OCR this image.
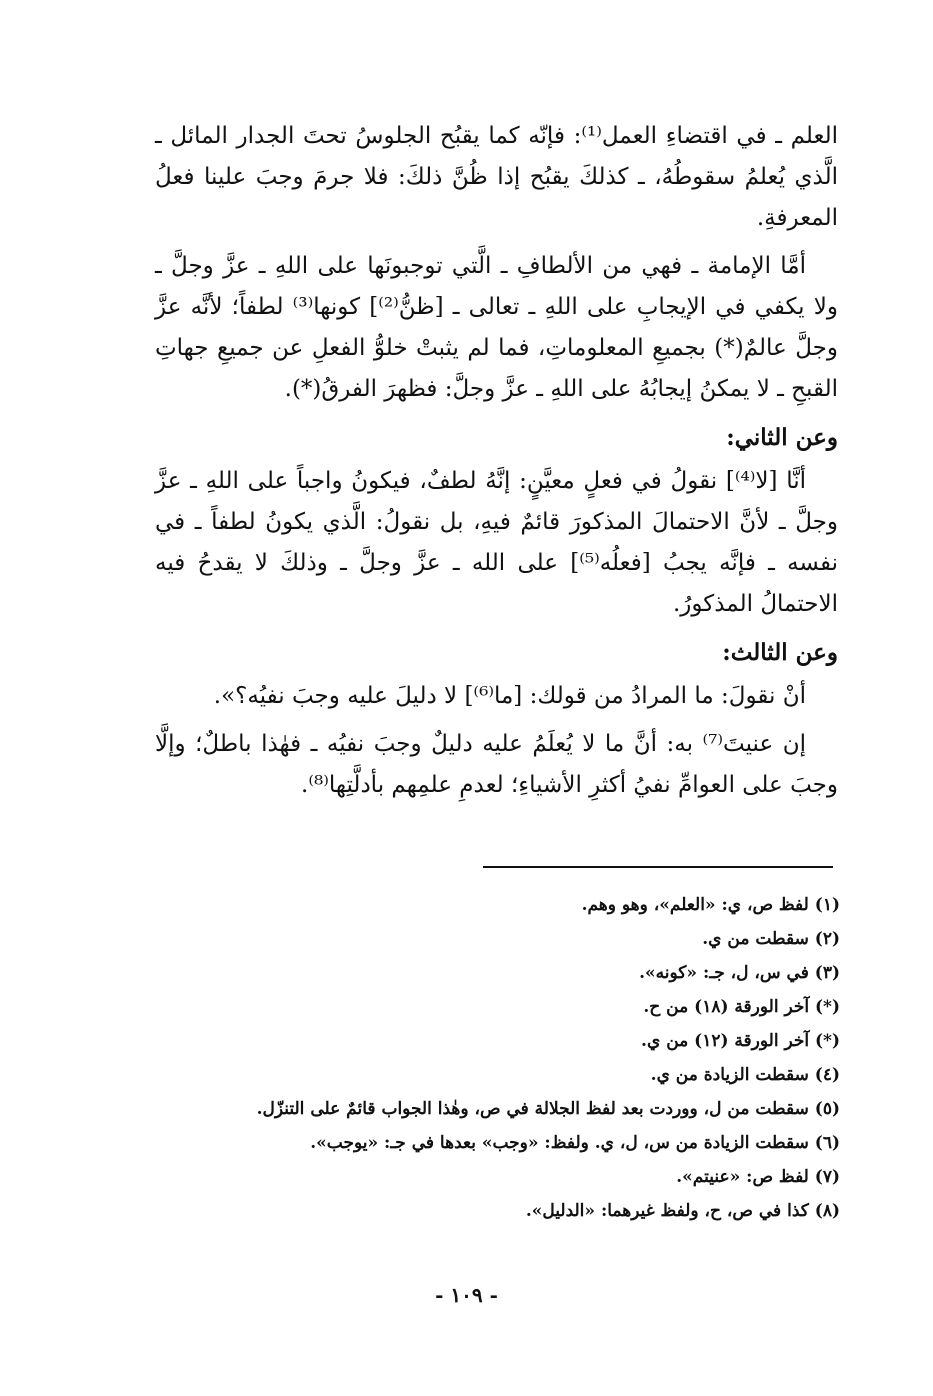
العلم ـ في اقتضاءِ العمل⁽¹⁾: فإنّه كما يقبُح الجلوسُ تحتَ الجدار المائل ـ الَّذي يُعلمُ سقوطُهُ، ـ كذلكَ يقبُح إذا ظُنَّ ذلكَ: فلا جرمَ وجبَ علينا فعلُ المعرفةِ.

أمَّا الإمامة ـ فهي من الألطافِ ـ الَّتي توجبونَها على اللهِ ـ عزَّ وجلَّ ـ ولا يكفي في الإيجابِ على اللهِ ـ تعالى ـ [ظنُّ⁽²⁾] كونها⁽³⁾ لطفاً؛ لأنَّه عزَّ وجلَّ عالمٌ(*) بجميعِ المعلوماتِ، فما لم يثبتْ خلوُّ الفعلِ عن جميعِ جهاتِ القبحِ ـ لا يمكنُ إيجابُهُ على اللهِ ـ عزَّ وجلَّ: فظهرَ الفرقُ(*).

وعن الثاني:

أنَّا [لا⁽⁴⁾] نقولُ في فعلٍ معيَّنٍ: إنَّهُ لطفٌ، فيكونُ واجباً على اللهِ ـ عزَّ وجلَّ ـ لأنَّ الاحتمالَ المذكورَ قائمٌ فيهِ، بل نقولُ: الَّذي يكونُ لطفاً ـ في نفسه ـ فإنَّه يجبُ [فعلُه⁽⁵⁾] على الله ـ عزَّ وجلَّ ـ وذلكَ لا يقدحُ فيه الاحتمالُ المذكورُ.

وعن الثالث:

أنْ نقولَ: ما المرادُ من قولك: [ما⁽⁶⁾] لا دليلَ عليه وجبَ نفيُه؟».

إن عنيتَ⁽⁷⁾ به: أنَّ ما لا يُعلَمُ عليه دليلٌ وجبَ نفيُه ـ فهٰذا باطلٌ؛ وإلَّا وجبَ على العوامِّ نفيُ أكثرِ الأشياءِ؛ لعدمِ علمِهم بأدلَّتِها⁽⁸⁾.

(١) لفظ ص، ي: «العلم»، وهو وهم.

(٢) سقطت من ي.

(٣) في س، ل، جـ: «كونه».

(*) آخر الورقة (١٨) من ح.

(*) آخر الورقة (١٢) من ي.

(٤) سقطت الزيادة من ي.

(٥) سقطت من ل، ووردت بعد لفظ الجلالة في ص، وهٰذا الجواب قائمٌ على التنزّل.

(٦) سقطت الزيادة من س، ل، ي. ولفظ: «وجب» بعدها في جـ: «يوجب».

(٧) لفظ ص: «عنيتم».

(٨) كذا في ص، ح، ولفظ غيرهما: «الدليل».

- ١٠٩ -
